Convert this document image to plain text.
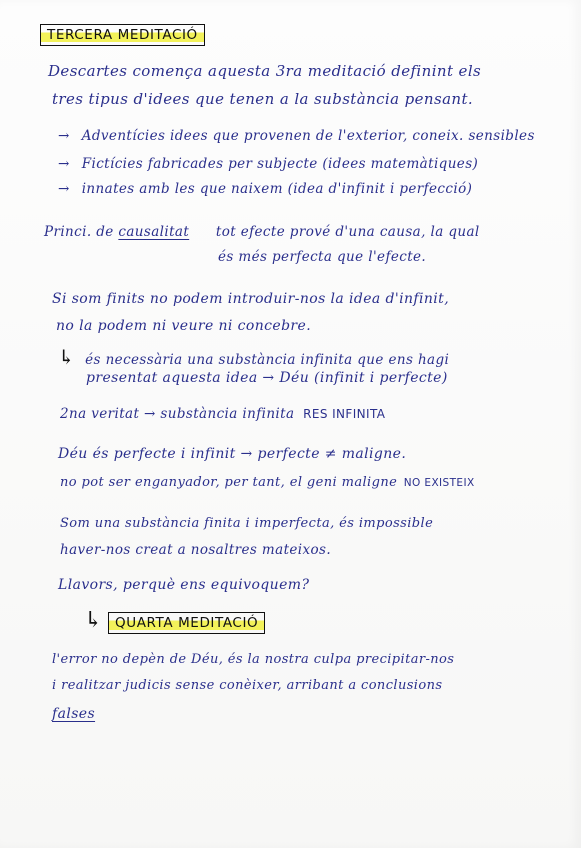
TERCERA MEDITACIÓ
Descartes comença aquesta 3ra meditació definint els
tres tipus d'idees que tenen a la substància pensant.
→ Adventícies idees que provenen de l'exterior, coneix. sensibles
→ Fictícies fabricades per subjecte (idees matemàtiques)
→ innates amb les que naixem (idea d'infinit i perfecció)
Princi. de causalitat tot efecte prové d'una causa, la qual
és més perfecta que l'efecte.
Si som finits no podem introduir-nos la idea d'infinit,
no la podem ni veure ni concebre.
↳ és necessària una substància infinita que ens hagi
presentat aquesta idea → Déu (infinit i perfecte)
2na veritat → substància infinita RES INFINITA
Déu és perfecte i infinit → perfecte ≠ maligne.
no pot ser enganyador, per tant, el geni maligne NO EXISTEIX
Som una substància finita i imperfecta, és impossible
haver-nos creat a nosaltres mateixos.
Llavors, perquè ens equivoquem?
↳ QUARTA MEDITACIÓ
l'error no depèn de Déu, és la nostra culpa precipitar-nos
i realitzar judicis sense conèixer, arribant a conclusions
falses
